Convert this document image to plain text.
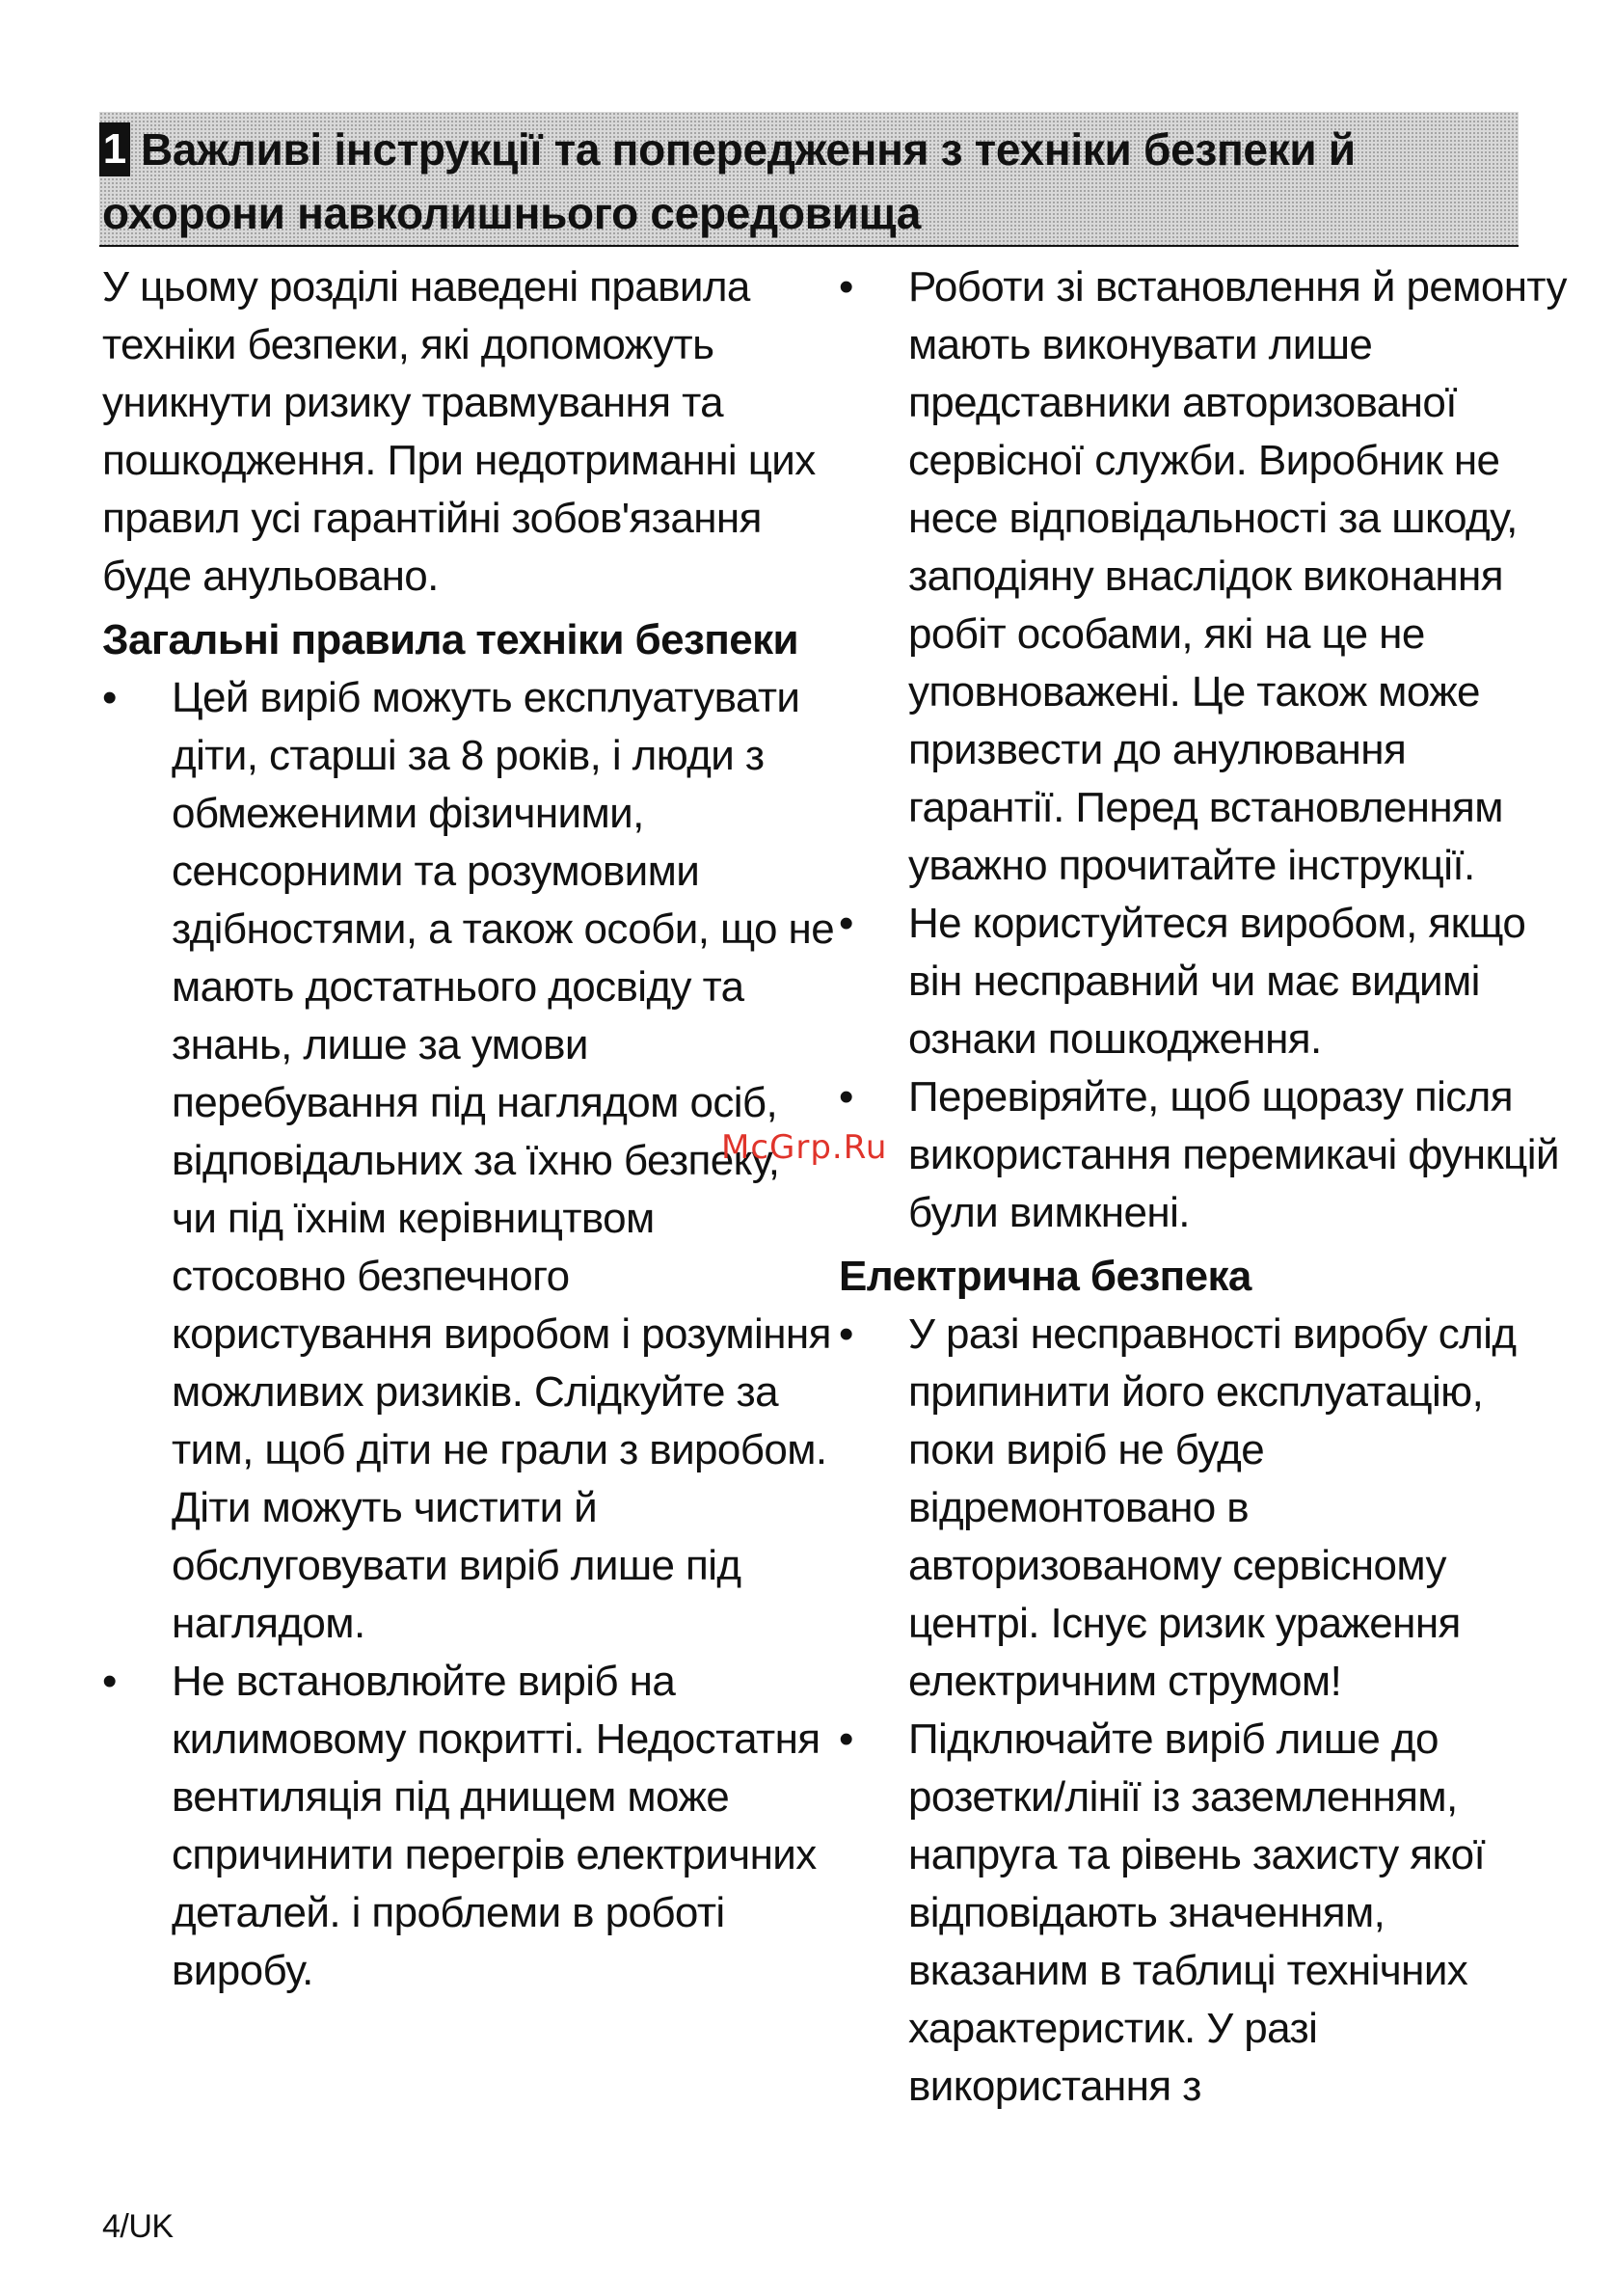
1 Важливі інструкції та попередження з техніки безпеки й охорони навколишнього середовища

У цьому розділі наведені правила техніки безпеки, які допоможуть уникнути ризику травмування та пошкодження. При недотриманні цих правил усі гарантійні зобов'язання буде анульовано.

Загальні правила техніки безпеки
•	Цей виріб можуть експлуатувати діти, старші за 8 років, і люди з обмеженими фізичними, сенсорними та розумовими здібностями, а також особи, що не мають достатнього досвіду та знань, лише за умови перебування під наглядом осіб, відповідальних за їхню безпеку, чи під їхнім керівництвом стосовно безпечного користування виробом і розуміння можливих ризиків. Слідкуйте за тим, щоб діти не грали з виробом. Діти можуть чистити й обслуговувати виріб лише під наглядом.
•	Не встановлюйте виріб на килимовому покритті. Недостатня вентиляція під днищем може спричинити перегрів електричних деталей. і проблеми в роботі виробу.
•	Роботи зі встановлення й ремонту мають виконувати лише представники авторизованої сервісної служби. Виробник не несе відповідальності за шкоду, заподіяну внаслідок виконання робіт особами, які на це не уповноважені. Це також може призвести до анулювання гарантії. Перед встановленням уважно прочитайте інструкції.
•	Не користуйтеся виробом, якщо він несправний чи має видимі ознаки пошкодження.
•	Перевіряйте, щоб щоразу після використання перемикачі функцій були вимкнені.
Електрична безпека
•	У разі несправності виробу слід припинити його експлуатацію, поки виріб не буде відремонтовано в авторизованому сервісному центрі. Існує ризик ураження електричним струмом!
•	Підключайте виріб лише до розетки/лінії із заземленням, напруга та рівень захисту якої відповідають значенням, вказаним в таблиці технічних характеристик. У разі використання з
McGrp.Ru
4/UK
